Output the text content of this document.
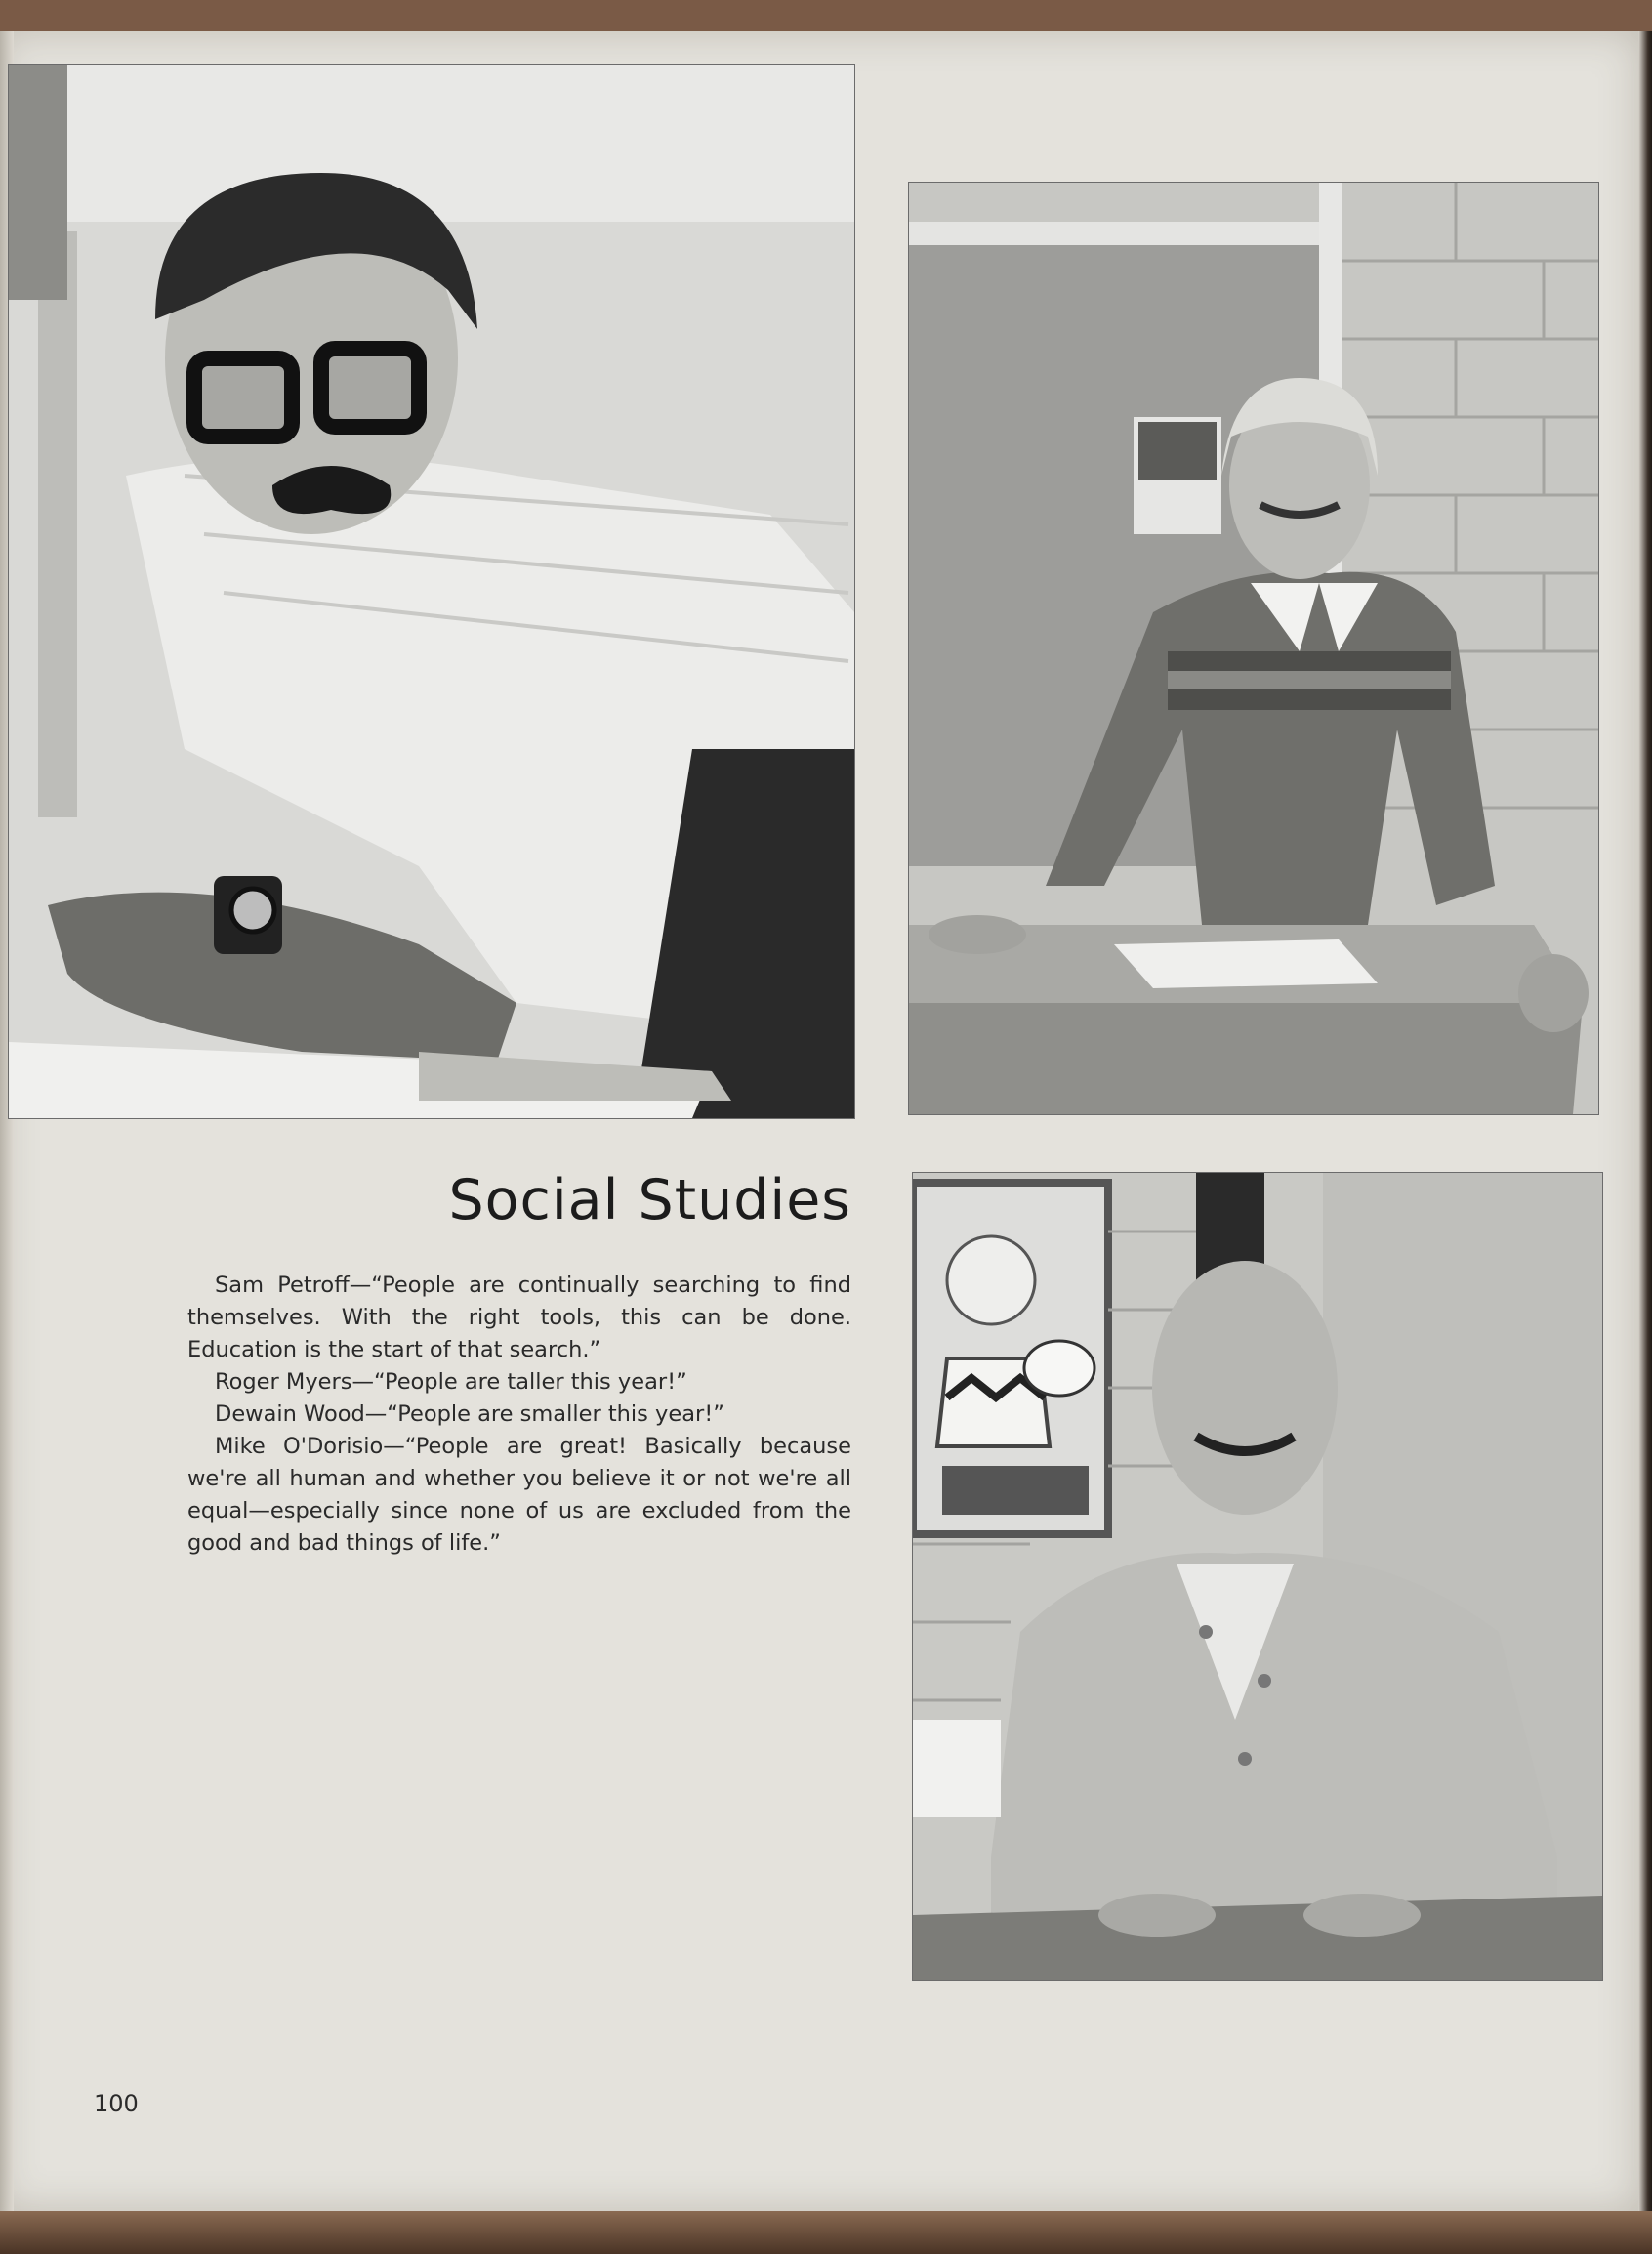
Social Studies

Sam Petroff—“People are continually searching to find themselves. With the right tools, this can be done. Education is the start of that search.”

Roger Myers—“People are taller this year!”

Dewain Wood—“People are smaller this year!”

Mike O'Dorisio—“People are great! Basically because we're all human and whether you believe it or not we're all equal—especially since none of us are excluded from the good and bad things of life.”

100
